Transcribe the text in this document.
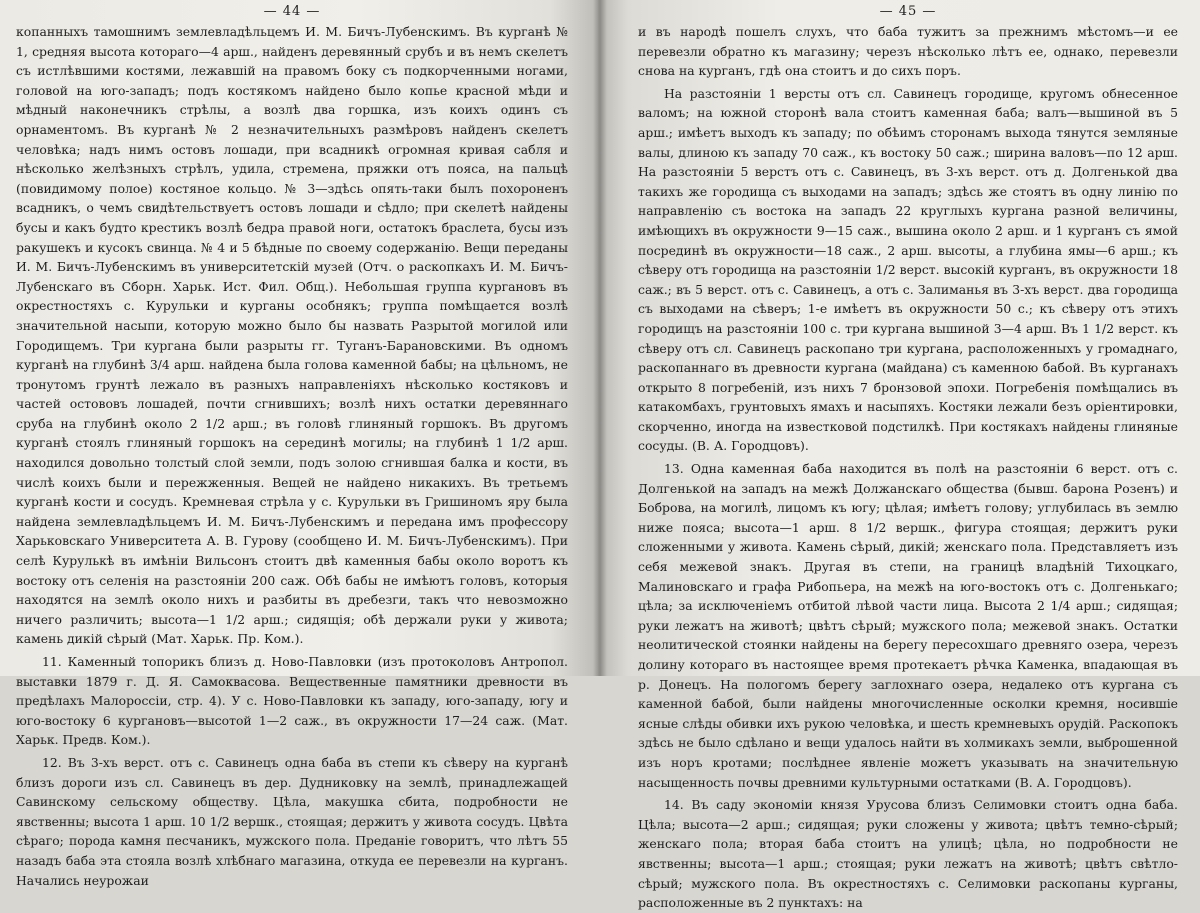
— 44 —

копанныхъ тамошнимъ землевладѣльцемъ И. М. Бичъ-Лубенскимъ. Въ курганѣ № 1, средняя высота котораго—4 арш., найденъ деревянный срубъ и въ немъ скелетъ съ истлѣвшими костями, лежавшій на правомъ боку съ подкорченными ногами, головой на юго-западъ; подъ костякомъ найдено было копье красной мѣди и мѣдный наконечникъ стрѣлы, а возлѣ два горшка, изъ коихъ одинъ съ орнаментомъ. Въ курганѣ № 2 незначительныхъ размѣровъ найденъ скелетъ человѣка; надъ нимъ остовъ лошади, при всадникѣ огромная кривая сабля и нѣсколько желѣзныхъ стрѣлъ, удила, стремена, пряжки отъ пояса, на пальцѣ (повидимому полое) костяное кольцо. № 3—здѣсь опять-таки былъ похороненъ всадникъ, о чемъ свидѣтельствуетъ остовъ лошади и сѣдло; при скелетѣ найдены бусы и какъ будто крестикъ возлѣ бедра правой ноги, остатокъ браслета, бусы изъ ракушекъ и кусокъ свинца. № 4 и 5 бѣдные по своему содержанію. Вещи переданы И. М. Бичъ-Лубенскимъ въ университетскій музей (Отч. о раскопкахъ И. М. Бичъ-Лубенскаго въ Сборн. Харьк. Ист. Фил. Общ.). Небольшая группа кургановъ въ окрестностяхъ с. Курульки и курганы особнякъ; группа помѣщается возлѣ значительной насыпи, которую можно было бы назвать Разрытой могилой или Городищемъ. Три кургана были разрыты гг. Туганъ-Барановскими. Въ одномъ курганѣ на глубинѣ 3/4 арш. найдена была голова каменной бабы; на цѣльномъ, не тронутомъ грунтѣ лежало въ разныхъ направленіяхъ нѣсколько костяковъ и частей остововъ лошадей, почти сгнившихъ; возлѣ нихъ остатки деревяннаго сруба на глубинѣ около 2 1/2 арш.; въ головѣ глиняный горшокъ. Въ другомъ курганѣ стоялъ глиняный горшокъ на серединѣ могилы; на глубинѣ 1 1/2 арш. находился довольно толстый слой земли, подъ золою сгнившая балка и кости, въ числѣ коихъ были и пережженныя. Вещей не найдено никакихъ. Въ третьемъ курганѣ кости и сосудъ. Кремневая стрѣла у с. Курульки въ Гришиномъ яру была найдена землевладѣльцемъ И. М. Бичъ-Лубенскимъ и передана имъ профессору Харьковскаго Университета А. В. Гурову (сообщено И. М. Бичъ-Лубенскимъ). При селѣ Курулькѣ въ имѣніи Вильсонъ стоитъ двѣ каменныя бабы около воротъ къ востоку отъ селенія на разстояніи 200 саж. Обѣ бабы не имѣютъ головъ, которыя находятся на землѣ около нихъ и разбиты въ дребезги, такъ что невозможно ничего различить; высота—1 1/2 арш.; сидящія; обѣ держали руки у живота; камень дикій сѣрый (Мат. Харьк. Пр. Ком.).

11. Каменный топорикъ близъ д. Ново-Павловки (изъ протоколовъ Антропол. выставки 1879 г. Д. Я. Самоквасова. Вещественные памятники древности въ предѣлахъ Малороссіи, стр. 4). У с. Ново-Павловки къ западу, юго-западу, югу и юго-востоку 6 кургановъ—высотой 1—2 саж., въ окружности 17—24 саж. (Мат. Харьк. Предв. Ком.).

12. Въ 3-хъ верст. отъ с. Савинецъ одна баба въ степи къ сѣверу на курганѣ близъ дороги изъ сл. Савинецъ въ дер. Дудниковку на землѣ, принадлежащей Савинскому сельскому обществу. Цѣла, макушка сбита, подробности не явственны; высота 1 арш. 10 1/2 вершк., стоящая; держитъ у живота сосудъ. Цвѣта сѣраго; порода камня песчаникъ, мужского пола. Преданіе говоритъ, что лѣтъ 55 назадъ баба эта стояла возлѣ хлѣбнаго магазина, откуда ее перевезли на курганъ. Начались неурожаи

— 45 —

и въ народѣ пошелъ слухъ, что баба тужитъ за прежнимъ мѣстомъ—и ее перевезли обратно къ магазину; черезъ нѣсколько лѣтъ ее, однако, перевезли снова на курганъ, гдѣ она стоитъ и до сихъ поръ.

На разстояніи 1 версты отъ сл. Савинецъ городище, кругомъ обнесенное валомъ; на южной сторонѣ вала стоитъ каменная баба; валъ—вышиной въ 5 арш.; имѣетъ выходъ къ западу; по обѣимъ сторонамъ выхода тянутся земляные валы, длиною къ западу 70 саж., къ востоку 50 саж.; ширина валовъ—по 12 арш. На разстояніи 5 верстъ отъ с. Савинецъ, въ 3-хъ верст. отъ д. Долгенькой два такихъ же городища съ выходами на западъ; здѣсь же стоятъ въ одну линію по направленію съ востока на западъ 22 круглыхъ кургана разной величины, имѣющихъ въ окружности 9—15 саж., вышина около 2 арш. и 1 курганъ съ ямой посрединѣ въ окружности—18 саж., 2 арш. высоты, а глубина ямы—6 арш.; къ сѣверу отъ городища на разстояніи 1/2 верст. высокій курганъ, въ окружности 18 саж.; въ 5 верст. отъ с. Савинецъ, а отъ с. Залиманья въ 3-хъ верст. два городища съ выходами на сѣверъ; 1-е имѣетъ въ окружности 50 с.; къ сѣверу отъ этихъ городищъ на разстояніи 100 с. три кургана вышиной 3—4 арш. Въ 1 1/2 верст. къ сѣверу отъ сл. Савинецъ раскопано три кургана, расположенныхъ у громаднаго, раскопаннаго въ древности кургана (майдана) съ каменною бабой. Въ курганахъ открыто 8 погребеній, изъ нихъ 7 бронзовой эпохи. Погребенія помѣщались въ катакомбахъ, грунтовыхъ ямахъ и насыпяхъ. Костяки лежали безъ оріентировки, скорченно, иногда на известковой подстилкѣ. При костякахъ найдены глиняные сосуды. (В. А. Городцовъ).

13. Одна каменная баба находится въ полѣ на разстояніи 6 верст. отъ с. Долгенькой на западъ на межѣ Должанскаго общества (бывш. барона Розенъ) и Боброва, на могилѣ, лицомъ къ югу; цѣлая; имѣетъ голову; углубилась въ землю ниже пояса; высота—1 арш. 8 1/2 вершк., фигура стоящая; держитъ руки сложенными у живота. Камень сѣрый, дикій; женскаго пола. Представляетъ изъ себя межевой знакъ. Другая въ степи, на границѣ владѣній Тихоцкаго, Малиновскаго и графа Рибопьера, на межѣ на юго-востокъ отъ с. Долгенькаго; цѣла; за исключеніемъ отбитой лѣвой части лица. Высота 2 1/4 арш.; сидящая; руки лежатъ на животѣ; цвѣтъ сѣрый; мужского пола; межевой знакъ. Остатки неолитической стоянки найдены на берегу пересохшаго древняго озера, черезъ долину котораго въ настоящее время протекаетъ рѣчка Каменка, впадающая въ р. Донецъ. На пологомъ берегу заглохнаго озера, недалеко отъ кургана съ каменной бабой, были найдены многочисленные осколки кремня, носившіе ясные слѣды обивки ихъ рукою человѣка, и шесть кремневыхъ орудій. Раскопокъ здѣсь не было сдѣлано и вещи удалось найти въ холмикахъ земли, выброшенной изъ норъ кротами; послѣднее явленіе можетъ указывать на значительную насыщенность почвы древними культурными остатками (В. А. Городцовъ).

14. Въ саду экономіи князя Урусова близъ Селимовки стоитъ одна баба. Цѣла; высота—2 арш.; сидящая; руки сложены у живота; цвѣтъ темно-сѣрый; женскаго пола; вторая баба стоитъ на улицѣ; цѣла, но подробности не явственны; высота—1 арш.; стоящая; руки лежатъ на животѣ; цвѣтъ свѣтло-сѣрый; мужского пола. Въ окрестностяхъ с. Селимовки раскопаны курганы, расположенные въ 2 пунктахъ: на
